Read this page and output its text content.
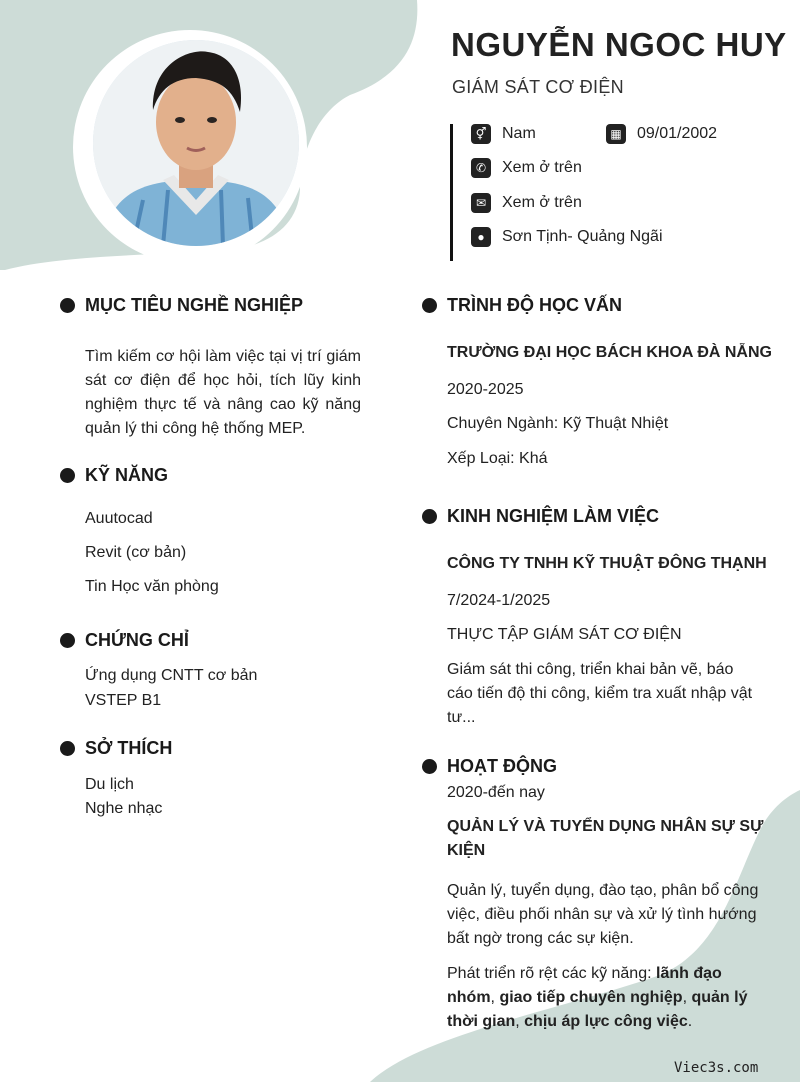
NGUYỄN NGOC HUY
GIÁM SÁT CƠ ĐIỆN
⚥ Nam	▦ 09/01/2002
✆ Xem ở trên
✉ Xem ở trên
●	Sơn Tịnh- Quảng Ngãi
MỤC TIÊU NGHỀ NGHIỆP
Tìm kiếm cơ hội làm việc tại vị trí giám sát cơ điện để học hỏi, tích lũy kinh nghiệm thực tế và nâng cao kỹ năng quản lý thi công hệ thống MEP.
KỸ NĂNG
Auutocad
Revit (cơ bản)
Tin Học văn phòng
CHỨNG CHỈ
Ứng dụng CNTT cơ bản
VSTEP B1
SỞ THÍCH
Du lịch
Nghe nhạc
TRÌNH ĐỘ HỌC VẤN
TRƯỜNG ĐẠI HỌC BÁCH KHOA ĐÀ NẴNG
2020-2025
Chuyên Ngành: Kỹ Thuật Nhiệt
Xếp Loại: Khá
KINH NGHIỆM LÀM VIỆC
CÔNG TY TNHH KỸ THUẬT ĐÔNG THẠNH
7/2024-1/2025
THỰC TẬP GIÁM SÁT CƠ ĐIỆN
Giám sát thi công, triển khai bản vẽ, báo cáo tiến độ thi công, kiểm tra xuất nhập vật tư...
HOẠT ĐỘNG
2020-đến nay
QUẢN LÝ VÀ TUYỂN DỤNG NHÂN SỰ SỰ KIỆN
Quản lý, tuyển dụng, đào tạo, phân bổ công việc, điều phối nhân sự và xử lý tình hướng bất ngờ trong các sự kiện.
Phát triển rõ rệt các kỹ năng: lãnh đạo nhóm, giao tiếp chuyên nghiệp, quản lý thời gian, chịu áp lực công việc.
Viec3s.com
